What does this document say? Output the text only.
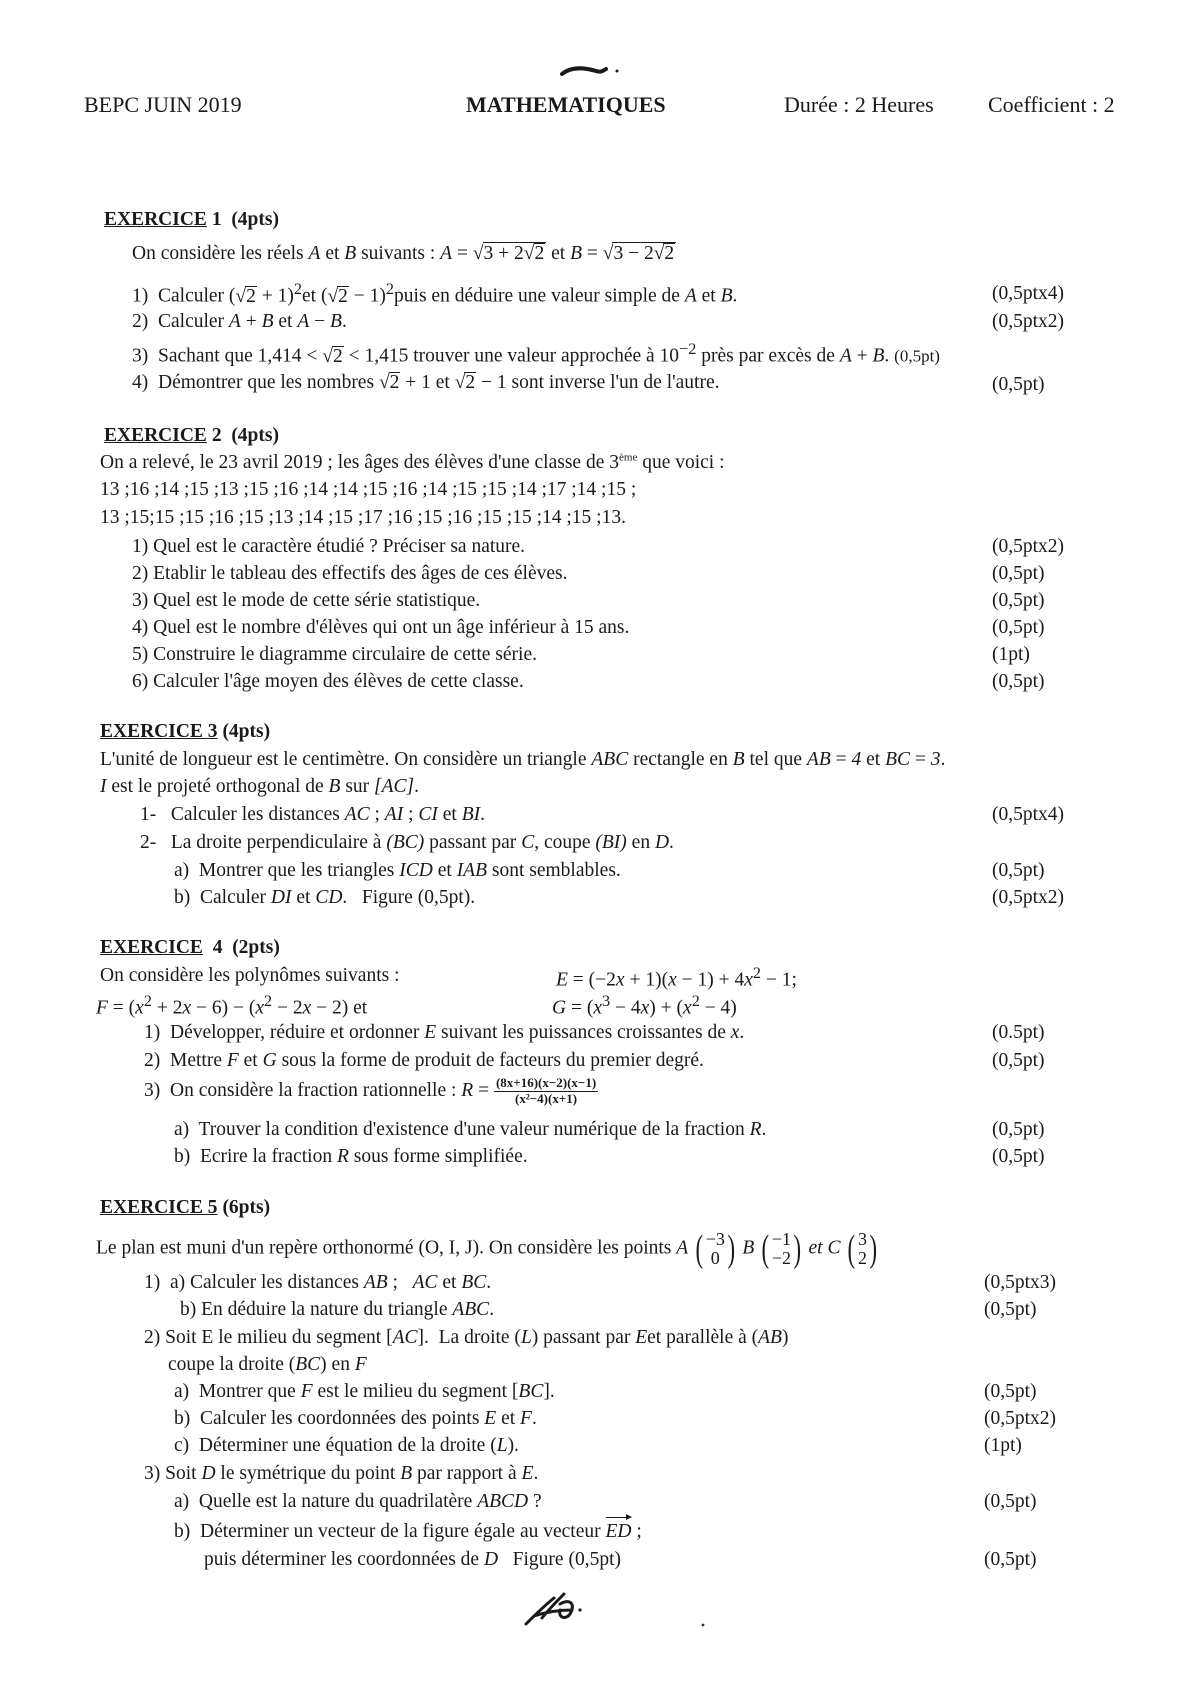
BEPC JUIN 2019	MATHEMATIQUES	Durée : 2 Heures Coefficient : 2
EXERCICE 1 (4pts)
On considère les réels A et B suivants : A = √3 + 2√2 et B = √3 − 2√2
1)  Calculer $(√2 + 1)^2et$ $(√2 - 1)^2puis$ en déduire une valeur simple de A et B.	(0,5ptx4)
2)  Calculer A + B et A − B.	(0,5ptx2)
3)  Sachant que 1,414 < √2 < 1,415 trouver une valeur approchée à $10^{-2}$ près par excès de A + B. (0,5pt)
4)  Démontrer que les nombres √2 + 1 et √2 − 1 sont inverse l'un de l'autre.	(0,5pt)
EXERCICE 2 (4pts)
On a relevé, le 23 avril 2019 ; les âges des élèves d'une classe de 3ème que voici :
13 ;16 ;14 ;15 ;13 ;15 ;16 ;14 ;14 ;15 ;16 ;14 ;15 ;15 ;14 ;17 ;14 ;15 ;
13 ;15;15 ;15 ;16 ;15 ;13 ;14 ;15 ;17 ;16 ;15 ;16 ;15 ;15 ;14 ;15 ;13.
1) Quel est le caractère étudié ? Préciser sa nature.	(0,5ptx2)
2) Etablir le tableau des effectifs des âges de ces élèves.	(0,5pt)
3) Quel est le mode de cette série statistique.	(0,5pt)
4) Quel est le nombre d'élèves qui ont un âge inférieur à 15 ans.	(0,5pt)
5) Construire le diagramme circulaire de cette série.	(1pt)
6) Calculer l'âge moyen des élèves de cette classe.	(0,5pt)
EXERCICE 3 (4pts)
L'unité de longueur est le centimètre. On considère un triangle ABC rectangle en B tel que AB = 4 et BC = 3.
I est le projeté orthogonal de B sur [AC].
1-   Calculer les distances AC ; AI ; CI et BI.	(0,5ptx4)
2-   La droite perpendiculaire à (BC) passant par C, coupe (BI) en D.
a)  Montrer que les triangles ICD et IAB sont semblables.	(0,5pt)
b)  Calculer DI et CD.   Figure (0,5pt).	(0,5ptx2)
EXERCICE 4 (2pts)
On considère les polynômes suivants :	$E = (-2x + 1)(x - 1) + 4x^2 - 1$;
$F = (x^2 + 2x - 6) - (x^2 - 2x - 2)$ et	$G = (x^3 - 4x) + (x^2 - 4)$
1)  Développer, réduire et ordonner E suivant les puissances croissantes de x.	(0.5pt)
2)  Mettre F et G sous la forme de produit de facteurs du premier degré.	(0,5pt)
3)  On considère la fraction rationnelle : $R = \frac{(8x+16)(x-2)(x-1)}{\text{(x²−4)(x+1)}}$
a)  Trouver la condition d'existence d'une valeur numérique de la fraction R.	(0,5pt)
b)  Ecrire la fraction R sous forme simplifiée.	(0,5pt)
EXERCICE 5 (6pts)
Le plan est muni d'un repère orthonormé (O, I, J). On considère les points A ( −3
0 ) B ( −1
−2) et C ( 3
2)
1)  a) Calculer les distances AB ;   AC et BC.	(0,5ptx3)
b) En déduire la nature du triangle ABC.	(0,5pt)
2) Soit E le milieu du segment [AC].  La droite (L) passant par Eet parallèle à (AB)
coupe la droite (BC) en F
a)  Montrer que F est le milieu du segment [BC].	(0,5pt)
b)  Calculer les coordonnées des points E et F.	(0,5ptx2)
c)  Déterminer une équation de la droite (L).	(1pt)
3) Soit D le symétrique du point B par rapport à E.
a)  Quelle est la nature du quadrilatère ABCD ?	(0,5pt)
b)  Déterminer un vecteur de la figure égale au vecteur ED ;
puis déterminer les coordonnées de D   Figure (0,5pt)	(0,5pt)
